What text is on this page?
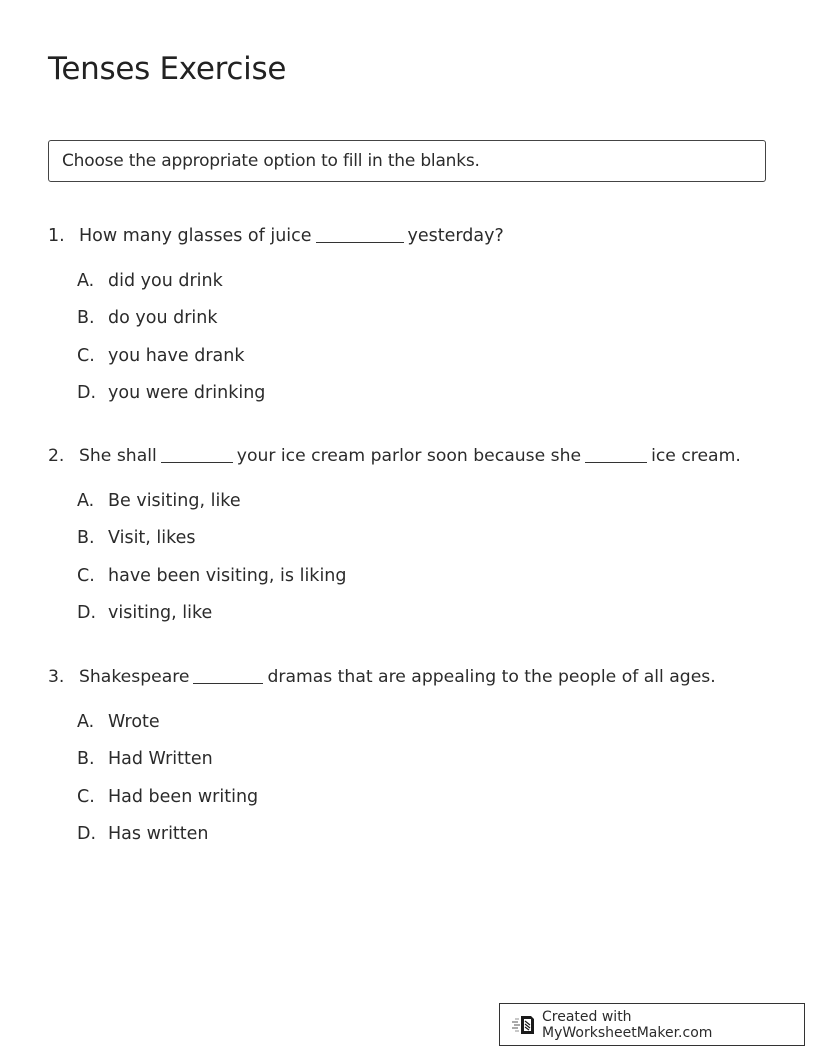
Tenses Exercise
Choose the appropriate option to fill in the blanks.
1. How many glasses of juice	yesterday?
A. did you drink
B. do you drink
C. you have drank
D. you were drinking
2. She shall	your ice cream parlor soon because she	ice cream.
A. Be visiting, like
B. Visit, likes
C. have been visiting, is liking
D. visiting, like
3. Shakespeare	dramas that are appealing to the people of all ages.
A. Wrote
B. Had Written
C. Had been writing
D. Has written
Created with MyWorksheetMaker.com
